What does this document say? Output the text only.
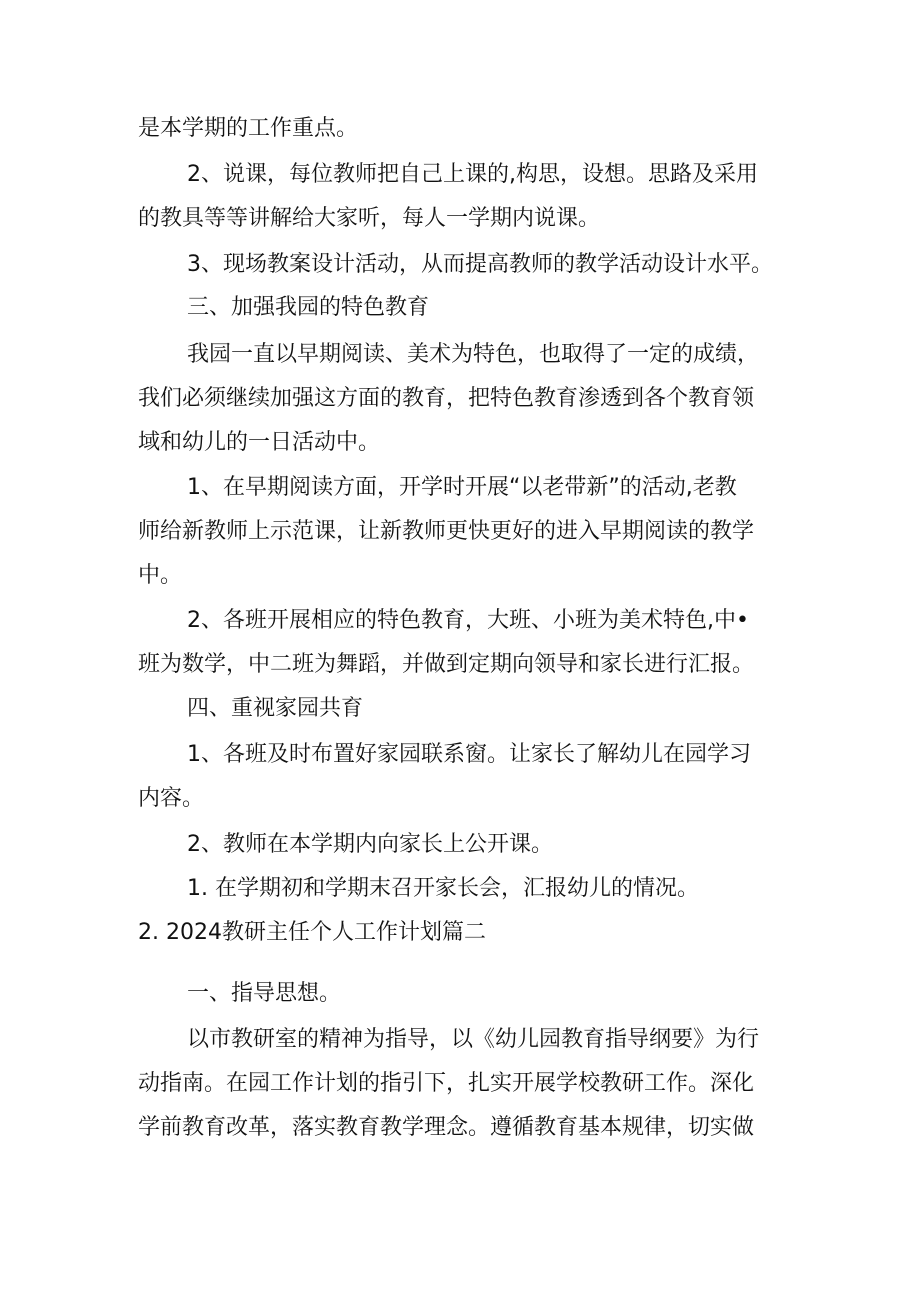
是本学期的工作重点。
2、说课，每位教师把自己上课的,构思，设想。思路及采用
的教具等等讲解给大家听，每人一学期内说课。
3、现场教案设计活动，从而提高教师的教学活动设计水平。
三、加强我园的特色教育
我园一直以早期阅读、美术为特色，也取得了一定的成绩，
我们必须继续加强这方面的教育，把特色教育渗透到各个教育领
域和幼儿的一日活动中。
1、在早期阅读方面，开学时开展“以老带新”的活动,老教
师给新教师上示范课，让新教师更快更好的进入早期阅读的教学
中。
2、各班开展相应的特色教育，大班、小班为美术特色,中•
班为数学，中二班为舞蹈，并做到定期向领导和家长进行汇报。
四、重视家园共育
1、各班及时布置好家园联系窗。让家长了解幼儿在园学习
内容。
2、教师在本学期内向家长上公开课。
1. 在学期初和学期末召开家长会，汇报幼儿的情况。
2. 2024教研主任个人工作计划篇二
一、指导思想。
以市教研室的精神为指导，以《幼儿园教育指导纲要》为行
动指南。在园工作计划的指引下，扎实开展学校教研工作。深化
学前教育改革，落实教育教学理念。遵循教育基本规律，切实做
